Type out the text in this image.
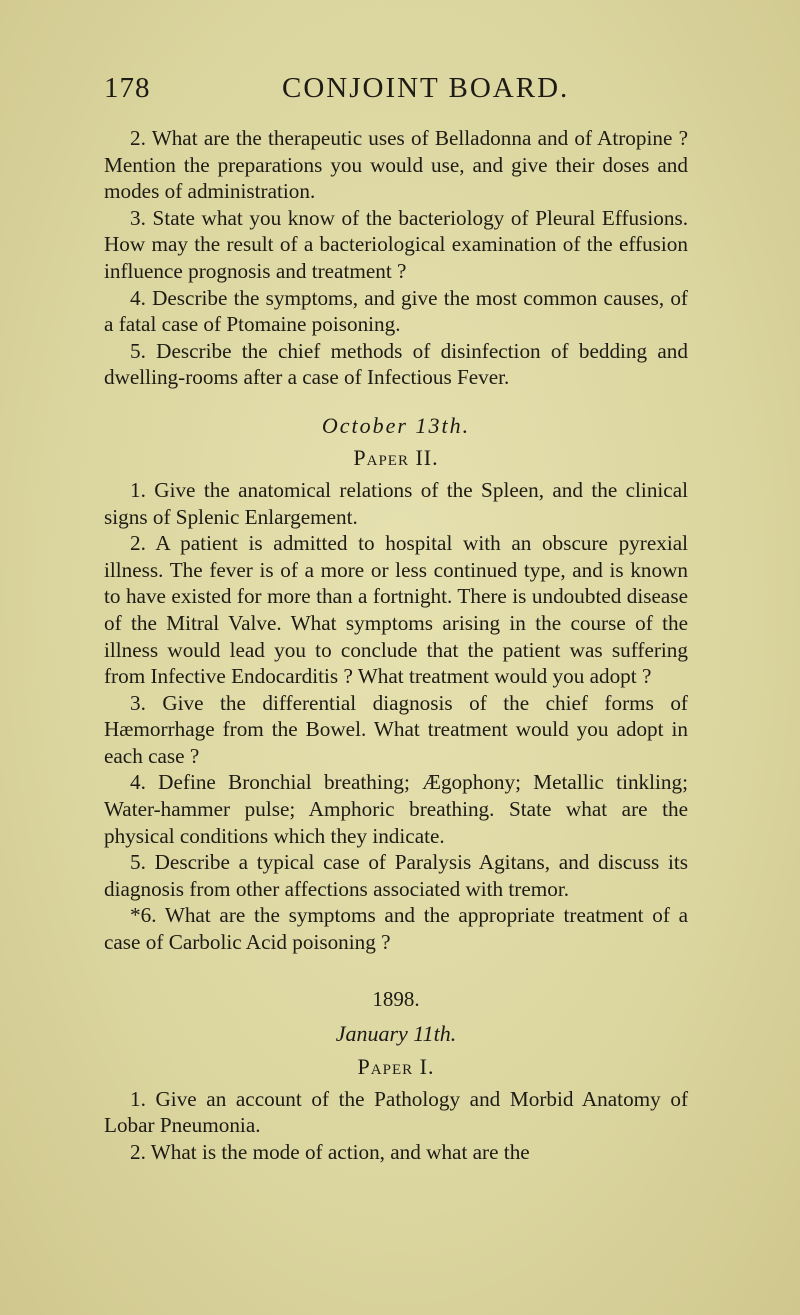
178	CONJOINT BOARD.

2. What are the therapeutic uses of Belladonna and of Atropine ? Mention the preparations you would use, and give their doses and modes of administration.

3. State what you know of the bacteriology of Pleural Effusions. How may the result of a bacteriological examination of the effusion influence prognosis and treatment ?

4. Describe the symptoms, and give the most common causes, of a fatal case of Ptomaine poisoning.

5. Describe the chief methods of disinfection of bedding and dwelling-rooms after a case of Infectious Fever.

October 13th.

Paper II.

1. Give the anatomical relations of the Spleen, and the clinical signs of Splenic Enlargement.

2. A patient is admitted to hospital with an obscure pyrexial illness. The fever is of a more or less continued type, and is known to have existed for more than a fortnight. There is undoubted disease of the Mitral Valve. What symptoms arising in the course of the illness would lead you to conclude that the patient was suffering from Infective Endocarditis ? What treatment would you adopt ?

3. Give the differential diagnosis of the chief forms of Hæmorrhage from the Bowel. What treatment would you adopt in each case ?

4. Define Bronchial breathing; Ægophony; Metallic tinkling; Water-hammer pulse; Amphoric breathing. State what are the physical conditions which they indicate.

5. Describe a typical case of Paralysis Agitans, and discuss its diagnosis from other affections associated with tremor.

*6. What are the symptoms and the appropriate treatment of a case of Carbolic Acid poisoning ?

1898.

January 11th.

Paper I.

1. Give an account of the Pathology and Morbid Anatomy of Lobar Pneumonia.

2. What is the mode of action, and what are the
